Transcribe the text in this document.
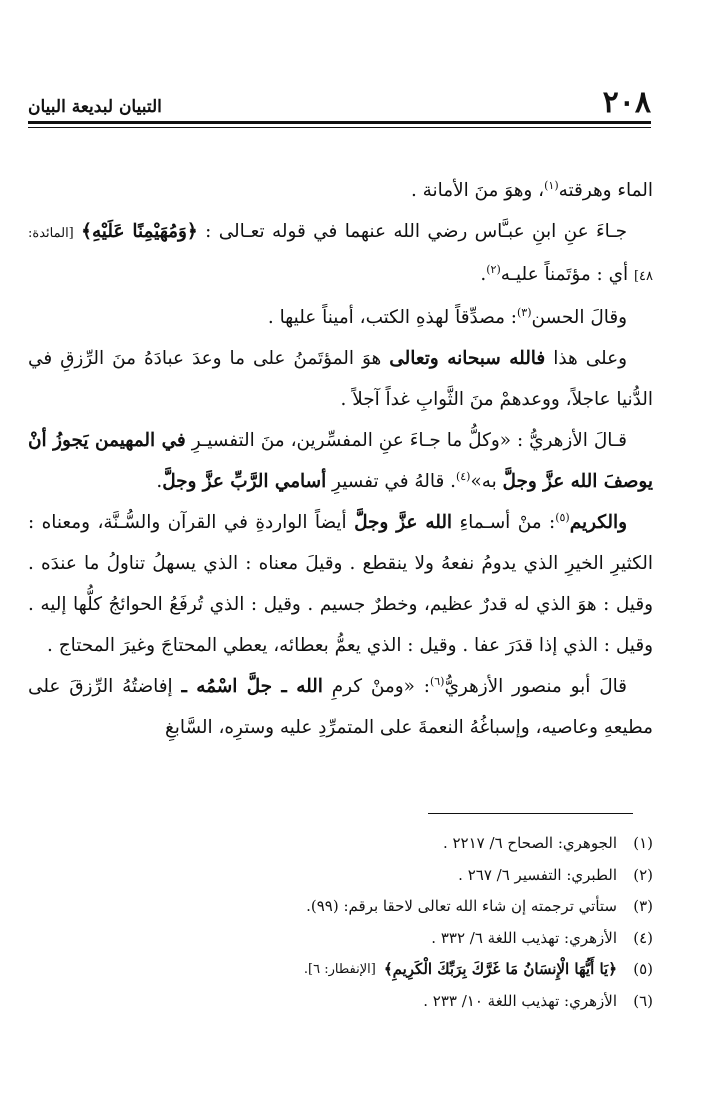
٢٠٨
التبيان لبديعة البيان

الماء وهرقته$^{(١)}$، وهوَ منَ الأمانة .

جـاءَ عنِ ابنِ عبـَّاس رضي الله عنهما في قوله تعـالى : ﴿وَمُهَيْمِنًا عَلَيْهِ﴾ [المائدة: ٤٨] أي : مؤتَمناً عليـه$^{(٢)}$.

وقالَ الحسن$^{(٣)}$: مصدِّقاً لهذهِ الكتب، أميناً عليها .

وعلى هذا فالله سبحانه وتعالى هوَ المؤتَمنُ على ما وعدَ عبادَهُ منَ الرِّزقِ في الدُّنيا عاجلاً، ووعدهمْ منَ الثَّوابِ غداً آجلاً .

قـالَ الأزهريُّ : «وكلُّ ما جـاءَ عنِ المفسِّرين، منَ التفسيـرِ في المهيمن يَجوزُ أنْ يوصفَ الله عزَّ وجلَّ به»$^{(٤)}$. قالهُ في تفسيرِ أسامي الرَّبِّ عزَّ وجلَّ.

والكريم$^{(٥)}$: منْ أسـماءِ الله عزَّ وجلَّ أيضاً الواردةِ في القرآن والسُّـنَّة، ومعناه : الكثيرِ الخيرِ الذي يدومُ نفعهُ ولا ينقطع . وقيلَ معناه : الذي يسهلُ تناولُ ما عندَه . وقيل : هوَ الذي له قدرٌ عظيم، وخطرٌ جسيم . وقيل : الذي تُرفَعُ الحوائجُ كلُّها إليه . وقيل : الذي إذا قدَرَ عفا . وقيل : الذي يعمُّ بعطائه، يعطي المحتاجَ وغيرَ المحتاج .

قالَ أبو منصور الأزهريُّ$^{(٦)}$: «ومنْ كرمِ الله ـ جلَّ اسْمُه ـ إفاضتُهُ الرِّزقَ على مطيعهِ وعاصيه، وإسباغُهُ النعمةَ على المتمرِّدِ عليه وسترِه، السَّابغِ

(١)
الجوهري: الصحاح ٦/ ٢٢١٧ .
(٢)
الطبري: التفسير ٦/ ٢٦٧ .
(٣)
ستأتي ترجمته إن شاء الله تعالى لاحقا برقم: (٩٩).
(٤)
الأزهري: تهذيب اللغة ٦/ ٣٣٢ .
(٥)
﴿يَا أَيُّهَا الْإِنسَانُ مَا غَرَّكَ بِرَبِّكَ الْكَرِيمِ﴾
[الإنفطار: ٦].
(٦)
الأزهري: تهذيب اللغة ١٠/ ٢٣٣ .
